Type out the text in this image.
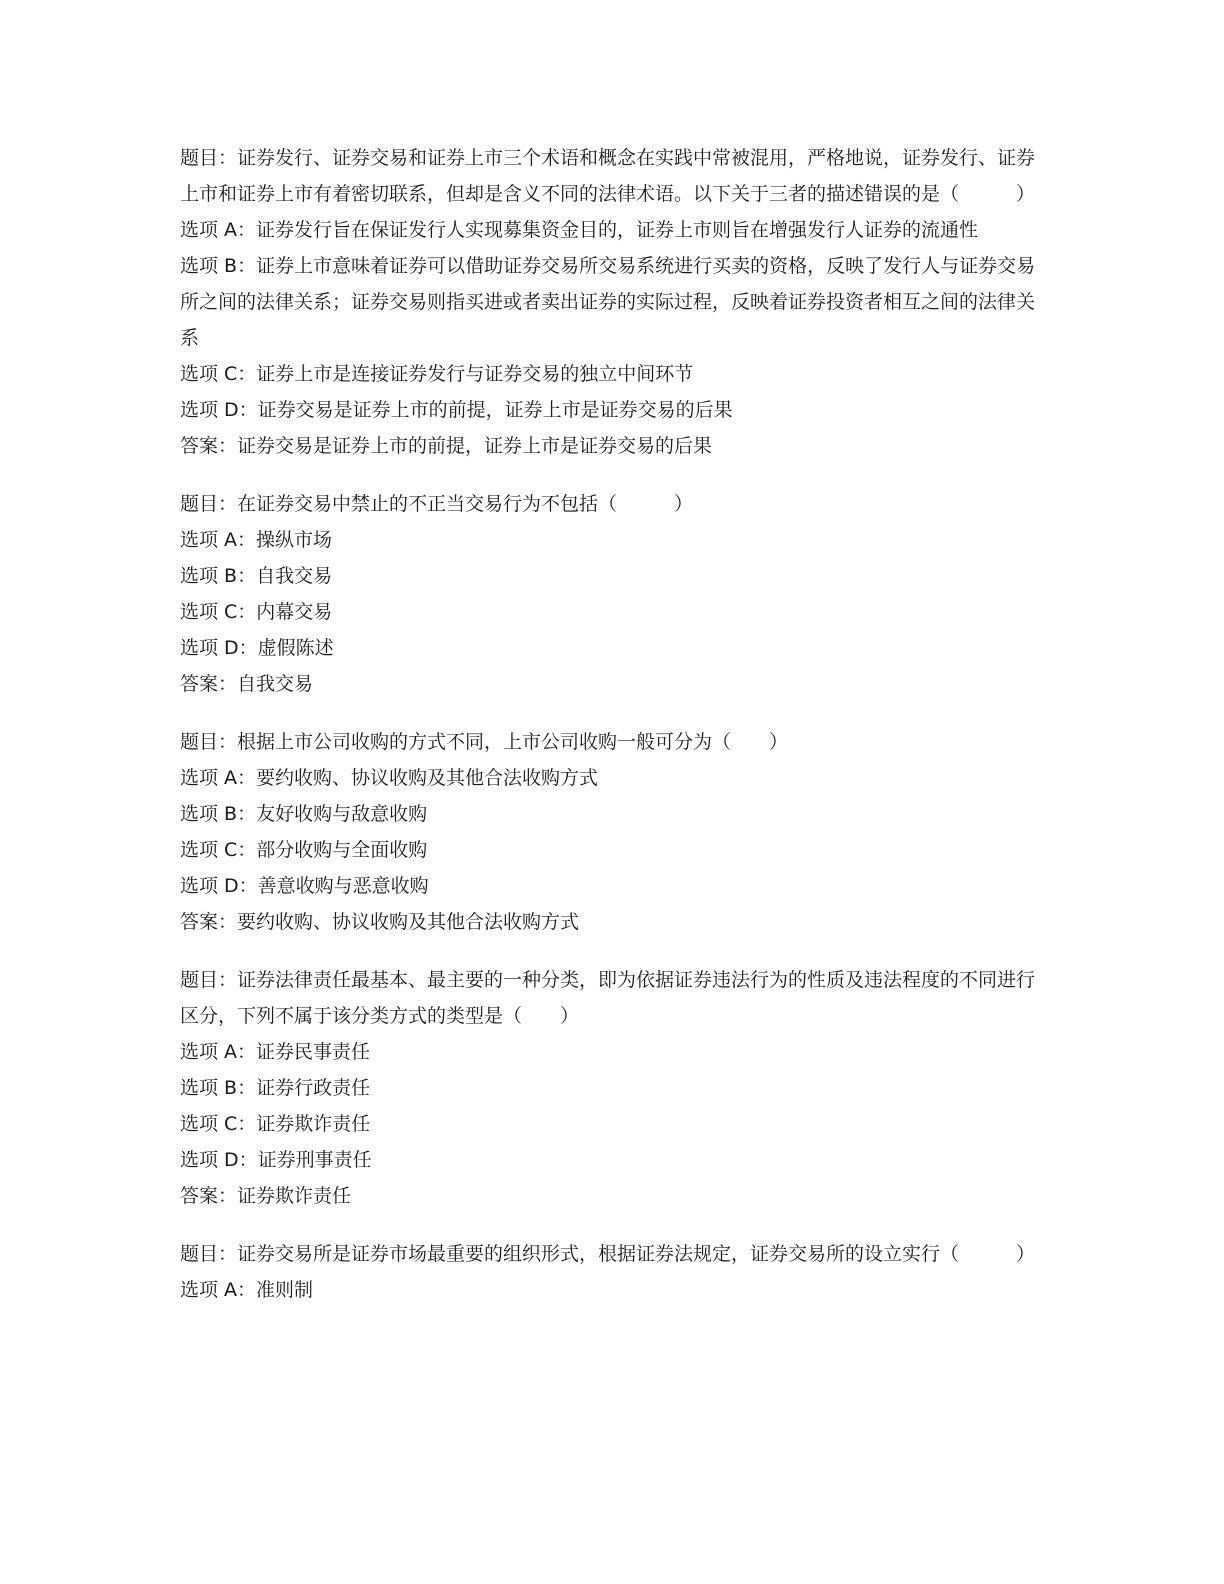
题目：证券发行、证券交易和证券上市三个术语和概念在实践中常被混用，严格地说，证券发行、证券上市和证券上市有着密切联系，但却是含义不同的法律术语。以下关于三者的描述错误的是（　　　）
选项 A：证券发行旨在保证发行人实现募集资金目的，证券上市则旨在增强发行人证券的流通性
选项 B：证券上市意味着证券可以借助证券交易所交易系统进行买卖的资格，反映了发行人与证券交易所之间的法律关系；证券交易则指买进或者卖出证券的实际过程，反映着证券投资者相互之间的法律关系
选项 C：证券上市是连接证券发行与证券交易的独立中间环节
选项 D：证券交易是证券上市的前提，证券上市是证券交易的后果
答案：证券交易是证券上市的前提，证券上市是证券交易的后果
题目：在证券交易中禁止的不正当交易行为不包括（　　　）
选项 A：操纵市场
选项 B：自我交易
选项 C：内幕交易
选项 D：虚假陈述
答案：自我交易
题目：根据上市公司收购的方式不同，上市公司收购一般可分为（　　）
选项 A：要约收购、协议收购及其他合法收购方式
选项 B：友好收购与敌意收购
选项 C：部分收购与全面收购
选项 D：善意收购与恶意收购
答案：要约收购、协议收购及其他合法收购方式
题目：证券法律责任最基本、最主要的一种分类，即为依据证券违法行为的性质及违法程度的不同进行区分，下列不属于该分类方式的类型是（　　）
选项 A：证券民事责任
选项 B：证券行政责任
选项 C：证券欺诈责任
选项 D：证券刑事责任
答案：证券欺诈责任
题目：证券交易所是证券市场最重要的组织形式，根据证券法规定，证券交易所的设立实行（　　　）
选项 A：准则制
